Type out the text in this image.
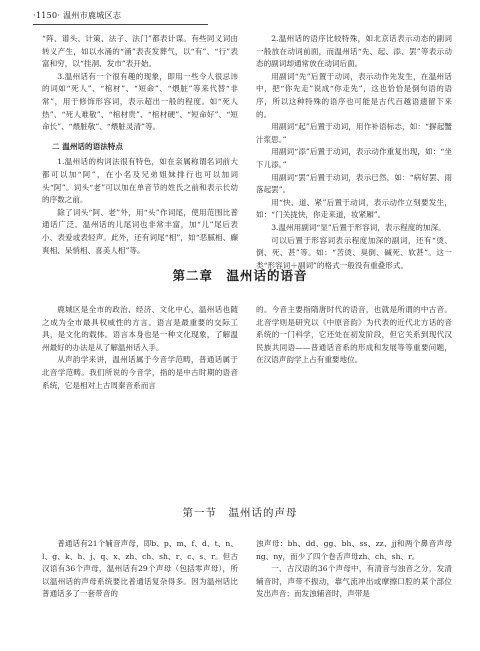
·1150· 温州市鹿城区志

“阵、谱头、计策、法子、法门”都表计谋。有些同义词由转义产生，如以水涌的“涌”表丧发葬气，以“有”、“行”表富和穷，以“挂洞、发市”表开始。

3.温州话有一个很有趣的现象，即用一些令人很忌讳的词如“死人”、“棺材”、“短命”、“煨脏”等来代替“非常”，用于修饰形容词，表示超出一般的程度。如“死人热”、“死人难敬”、“棺材贵”、“棺材硬”、“短命好”、“短命长”、“煨脏敬”、“煨脏灵清”等。

二 温州话的语法特点

1.温州话的构词法很有特色，如在亲属称谓名词前大都可以加“阿”，在小名及兄弟姐妹排行也可以加词头“阿”。词头“老”可以加在单音节的姓氏之前和表示长幼的序数之前。

除了词头“阿、老”外，用“头”作词尾，使用范围比普通话广泛。温州话的儿尾词也非常丰富，加“儿”尾后表小、表爱或表轻声。此外，还有词尾“相”，如“恶腻相、癫爽相、呆悄相、喜美人相”等。

2.温州话的语序比较特殊，如北京话表示动态的副词一般放在动词前面，而温州话“先、起、添、罢”等表示动态的副词却通常放在动词后面。

用副词“先”后置于动词，表示动作先发生，在温州话中，把“你先走”说成“你走先”，这也恰恰是倒句语的语序，所以这种特殊的语序也可能是古代百越语遗留下来的。

用副词“起”后置于动词，用作补语标志，如：“摒起蟹汁浆思。”

用副词“添”后置于动词，表示动作重复出现，如：“坐下儿添。”

用副词“罢”后置于动词，表示已然，如：“病好罢、雨落起罢”。

用“快、道、紧”后置于动词，表示动作立刻要发生，如：“门关拢快，你走来道，妆紧厢”。

3.温州用副词“显”后置于形容词，表示程度的加深。

可以后置于形容词表示程度加深的副词，还有“烫、倒、死、甚”等。如：“苦烫、臭倒、碱死、软甚”。这一类“形容词＋副词”的格式一般没有重叠形式。

第二章　温州话的语音

鹿城区是全市的政治、经济、文化中心，温州话也随之成为全市最具权威性的方言。语言是最重要的交际工具，是文化的载体。语言本身也是一种文化现象，了解温州最好的办法是从了解温州话入手。

从声韵学来讲，温州话属于今音学范畴，普通话属于北音学范畴。我们所说的今音学，指的是中古时期的语音系统，它是相对上古周秦音系而言

的。今音主要指隋唐时代的语音，也就是所谓的中古音。北音学则是研究以《中原音韵》为代表的近代北方话的音系统的一门科学，它还处在初发阶段，但它关系到现代汉民族共同语——普通话音系的形成和发展等等重要问题，在汉语声韵学上占有重要地位。

第一节　温州话的声母

普通话有21个辅音声母，即b、p、m、f、d、t、n、l、g、k、h、j、q、x、zh、ch、sh、r、c、s、r。但古汉语有36个声母，温州话有29个声母（包括零声母），所以温州话的声母系统要比普通话复杂得多。因为温州话比普通话多了一套带音的

浊声母：bh、dd、gg、bh、ss、zz、jj和两个鼻音声母ng、ny，而少了四个卷舌声母zh、ch、sh、r。

一、古汉语的36个声母中，有清音与浊音之分，发清辅音时，声带不振动，靠气流冲出或摩擦口腔的某个部位发出声音；而发浊辅音时，声带是
